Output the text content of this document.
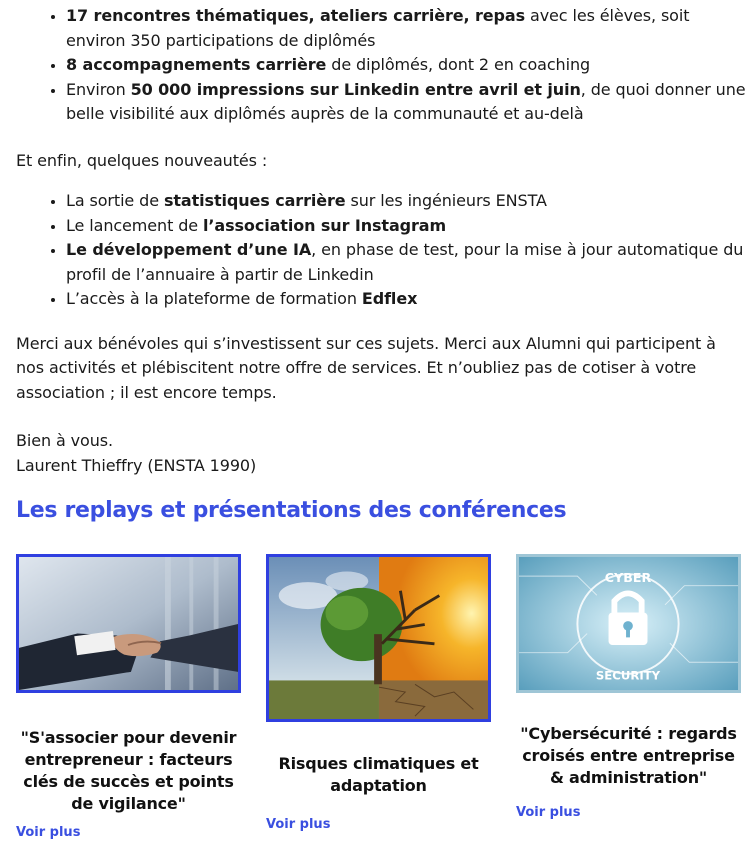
• 17 rencontres thématiques, ateliers carrière, repas avec les élèves, soit environ 350 participations de diplômés
• 8 accompagnements carrière de diplômés, dont 2 en coaching
• Environ 50 000 impressions sur Linkedin entre avril et juin, de quoi donner une belle visibilité aux diplômés auprès de la communauté et au-delà

Et enfin, quelques nouveautés :

• La sortie de statistiques carrière sur les ingénieurs ENSTA
• Le lancement de l’association sur Instagram
• Le développement d’une IA, en phase de test, pour la mise à jour automatique du profil de l’annuaire à partir de Linkedin
• L’accès à la plateforme de formation Edflex

Merci aux bénévoles qui s’investissent sur ces sujets. Merci aux Alumni qui participent à nos activités et plébiscitent notre offre de services. Et n’oubliez pas de cotiser à votre association ; il est encore temps.

Bien à vous.

Laurent Thieffry (ENSTA 1990)

Les replays et présentations des conférences
"S'associer pour devenir entrepreneur : facteurs clés de succès et points de vigilance"
Voir plus
Risques climatiques et adaptation
Voir plus
CYBER
SECURITY
"Cybersécurité : regards croisés entre entreprise & administration"
Voir plus
